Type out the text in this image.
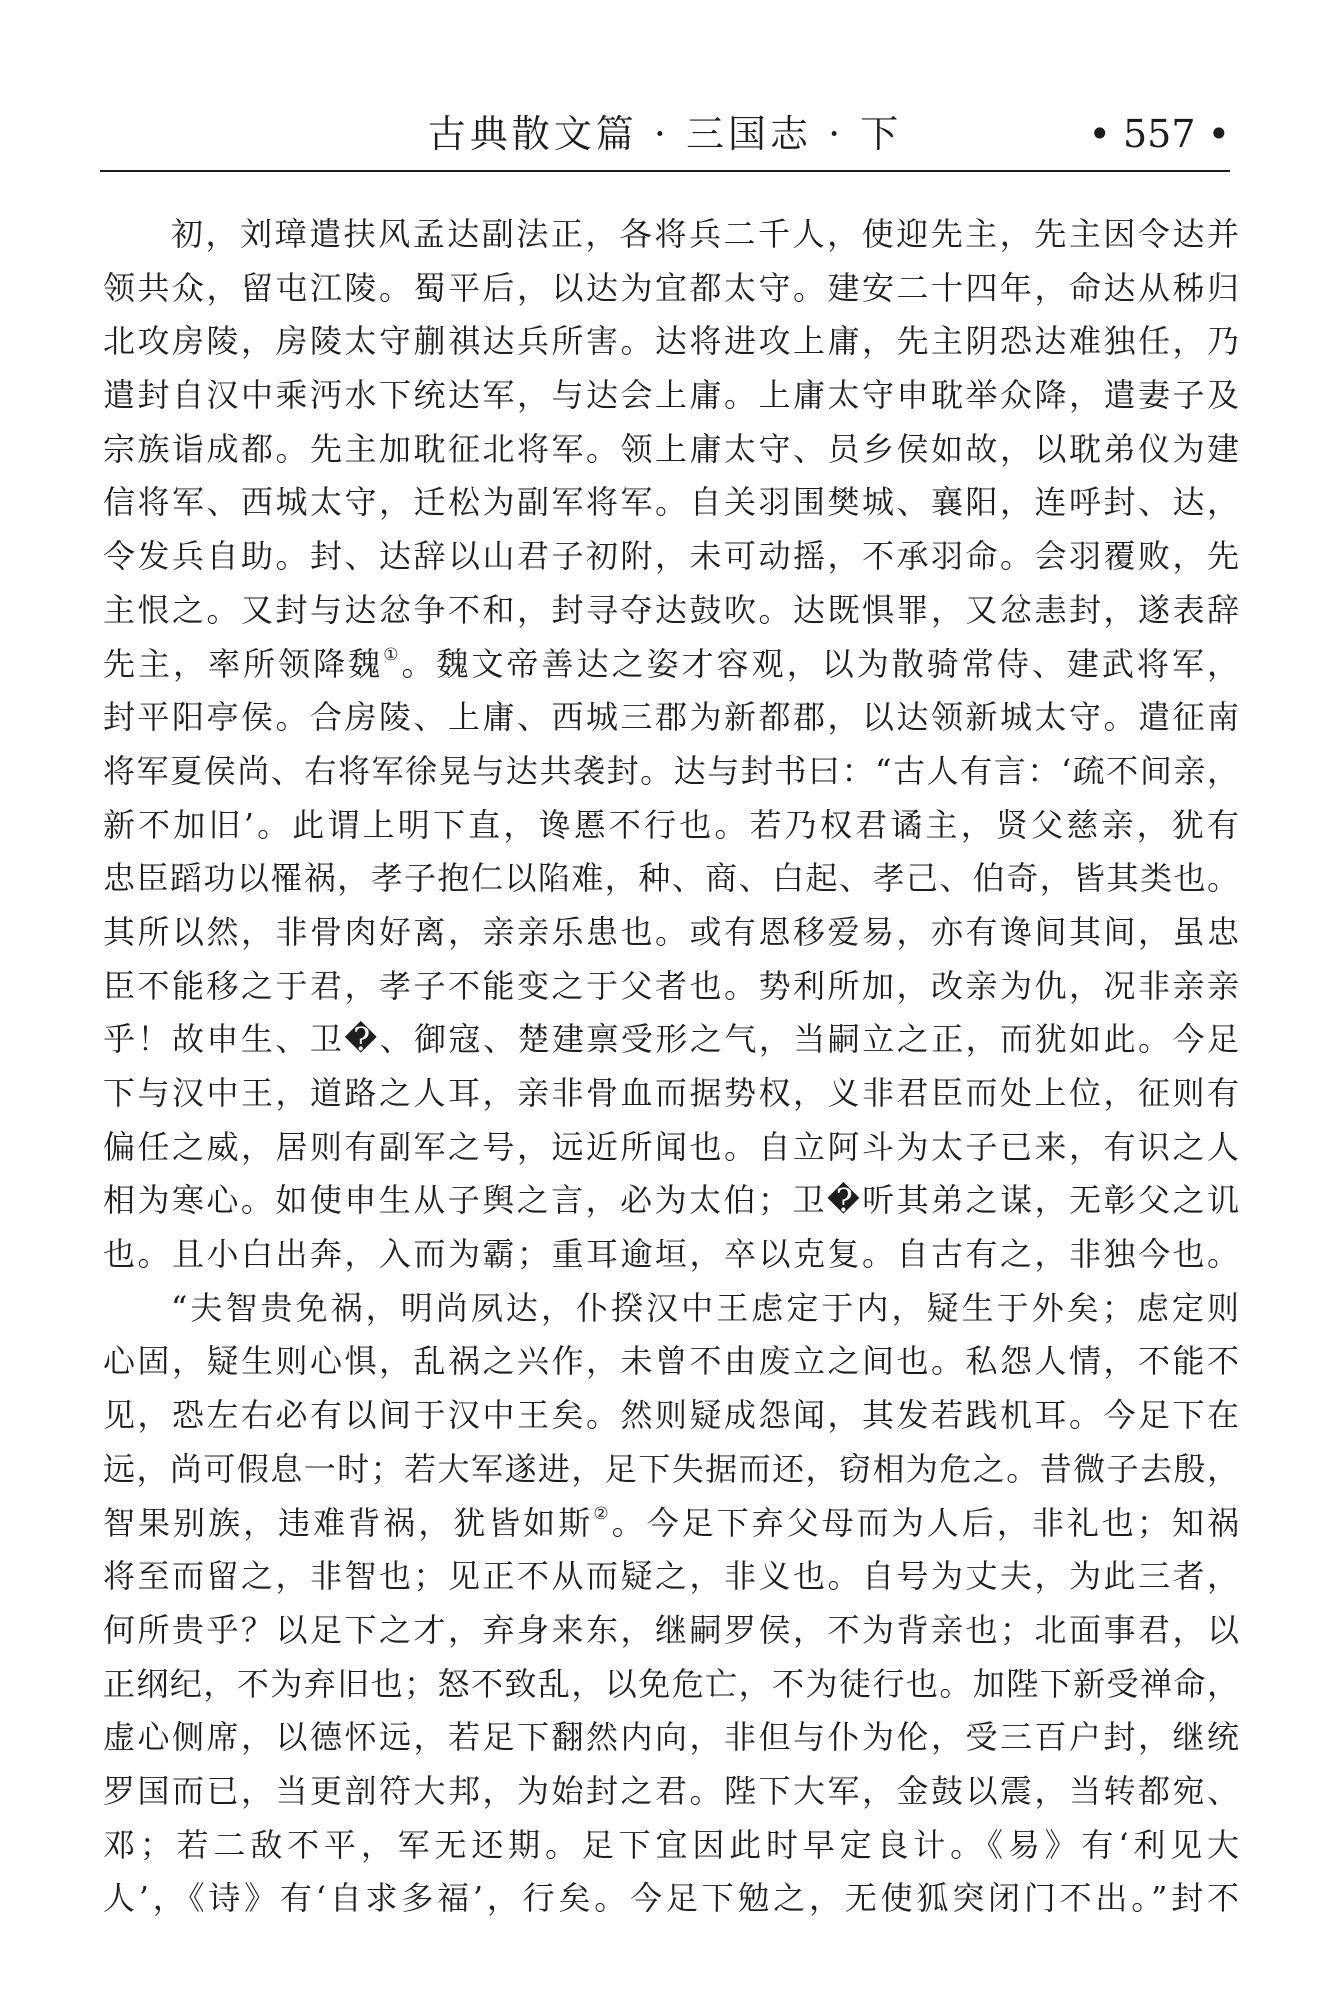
古典散文篇 · 三国志 · 下	• 557 •
初，刘璋遣扶风孟达副法正，各将兵二千人，使迎先主，先主因令达并
领共众，留屯江陵。蜀平后，以达为宜都太守。建安二十四年，命达从秭归
北攻房陵，房陵太守蒯祺达兵所害。达将进攻上庸，先主阴恐达难独任，乃
遣封自汉中乘沔水下统达军，与达会上庸。上庸太守申耽举众降，遣妻子及
宗族诣成都。先主加耽征北将军。领上庸太守、员乡侯如故，以耽弟仪为建
信将军、西城太守，迁松为副军将军。自关羽围樊城、襄阳，连呼封、达，
令发兵自助。封、达辞以山君子初附，未可动摇，不承羽命。会羽覆败，先
主恨之。又封与达忿争不和，封寻夺达鼓吹。达既惧罪，又忿恚封，遂表辞
先主，率所领降魏①。魏文帝善达之姿才容观，以为散骑常侍、建武将军，
封平阳亭侯。合房陵、上庸、西城三郡为新都郡，以达领新城太守。遣征南
将军夏侯尚、右将军徐晃与达共袭封。达与封书曰：“古人有言：‘疏不间亲，
新不加旧’。此谓上明下直，谗慝不行也。若乃权君谲主，贤父慈亲，犹有
忠臣蹈功以罹祸，孝子抱仁以陷难，种、商、白起、孝己、伯奇，皆其类也。
其所以然，非骨肉好离，亲亲乐患也。或有恩移爱易，亦有谗间其间，虽忠
臣不能移之于君，孝子不能变之于父者也。势利所加，改亲为仇，况非亲亲
乎！故申生、卫�、御寇、楚建禀受形之气，当嗣立之正，而犹如此。今足
下与汉中王，道路之人耳，亲非骨血而据势权，义非君臣而处上位，征则有
偏任之威，居则有副军之号，远近所闻也。自立阿斗为太子已来，有识之人
相为寒心。如使申生从子舆之言，必为太伯；卫�听其弟之谋，无彰父之讥
也。且小白出奔，入而为霸；重耳逾垣，卒以克复。自古有之，非独今也。
“夫智贵免祸，明尚夙达，仆揆汉中王虑定于内，疑生于外矣；虑定则
心固，疑生则心惧，乱祸之兴作，未曾不由废立之间也。私怨人情，不能不
见，恐左右必有以间于汉中王矣。然则疑成怨闻，其发若践机耳。今足下在
远，尚可假息一时；若大军遂进，足下失据而还，窃相为危之。昔微子去殷，
智果别族，违难背祸，犹皆如斯②。今足下弃父母而为人后，非礼也；知祸
将至而留之，非智也；见正不从而疑之，非义也。自号为丈夫，为此三者，
何所贵乎？以足下之才，弃身来东，继嗣罗侯，不为背亲也；北面事君，以
正纲纪，不为弃旧也；怒不致乱，以免危亡，不为徒行也。加陛下新受禅命，
虚心侧席，以德怀远，若足下翻然内向，非但与仆为伦，受三百户封，继统
罗国而已，当更剖符大邦，为始封之君。陛下大军，金鼓以震，当转都宛、
邓；若二敌不平，军无还期。足下宜因此时早定良计。《易》有‘利见大
人’，《诗》有‘自求多福’，行矣。今足下勉之，无使狐突闭门不出。”封不
